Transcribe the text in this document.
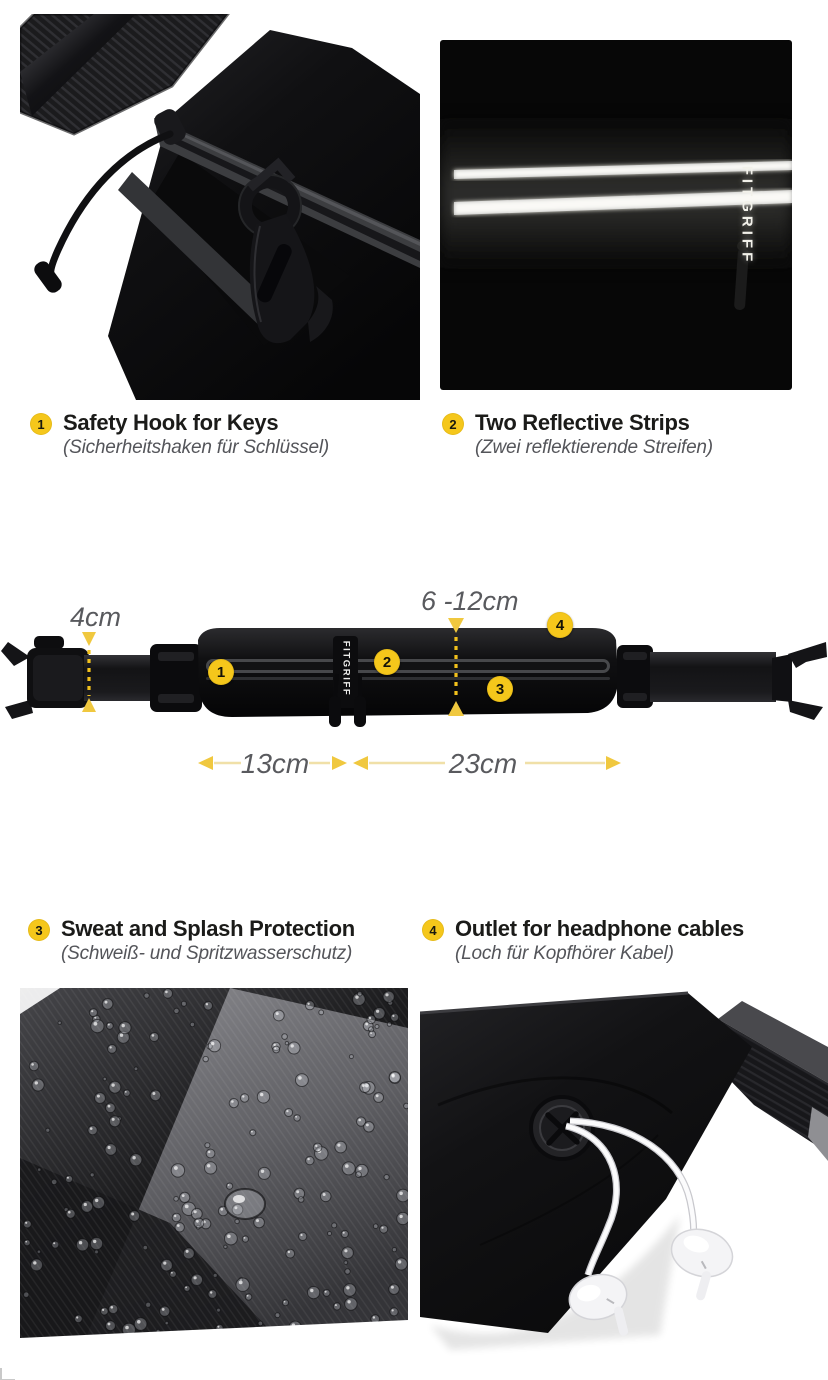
FITGRIFF
1 Safety Hook for Keys
(Sicherheitshaken für Schlüssel)
2 Two Reflective Strips
(Zwei reflektierende Streifen)
4cm
6 -12cm
13cm	23cm
FITGRIFF
1
2
3
4
3 Sweat and Splash Protection
(Schweiß- und Spritzwasserschutz)
4 Outlet for headphone cables
(Loch für Kopfhörer Kabel)
